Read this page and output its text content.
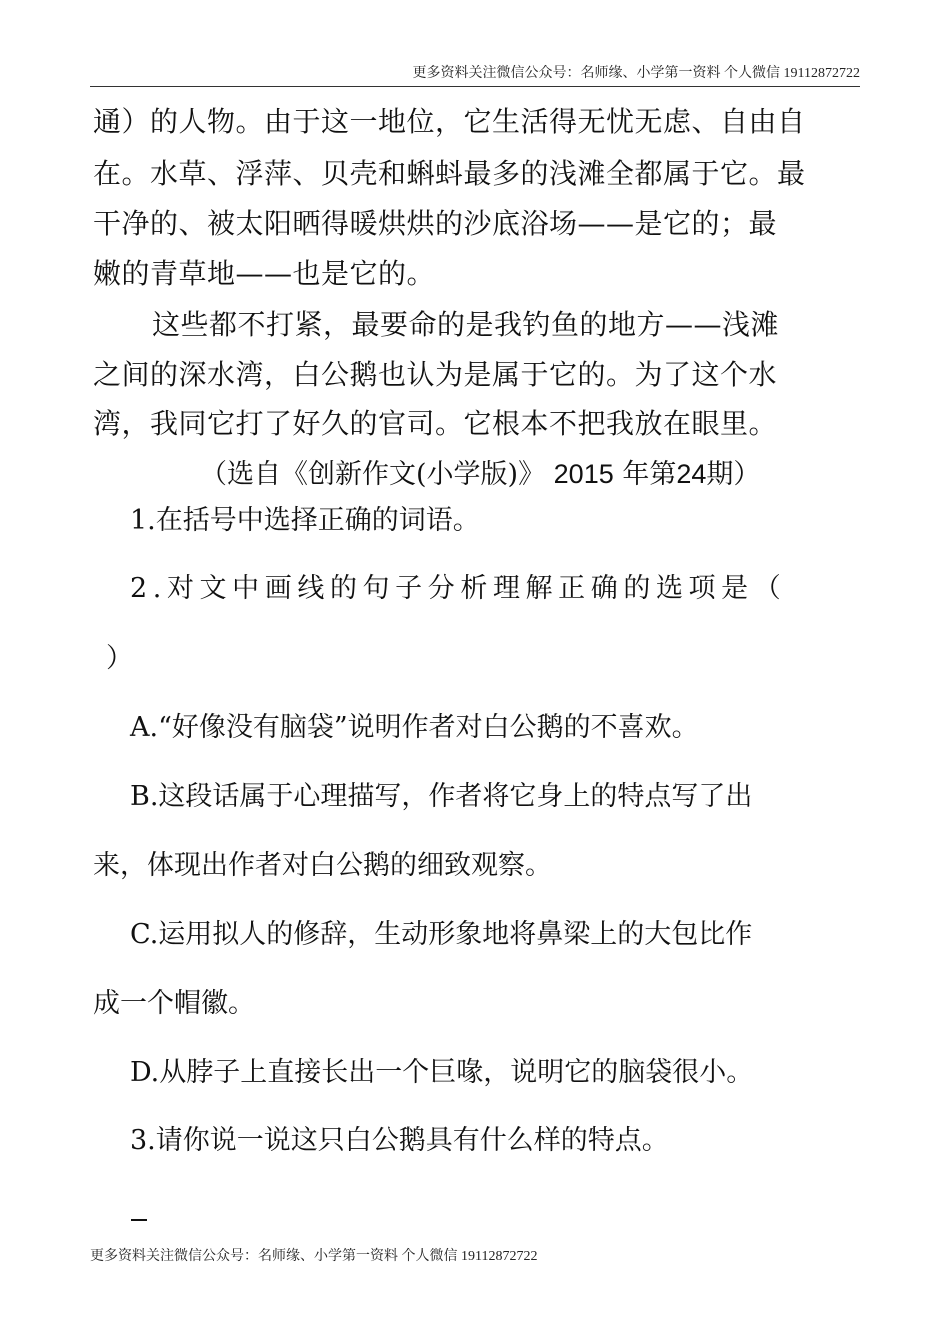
更多资料关注微信公众号：名师缘、小学第一资料 个人微信 19112872722
通）的人物。由于这一地位，它生活得无忧无虑、自由自
在。水草、浮萍、贝壳和蝌蚪最多的浅滩全都属于它。最
干净的、被太阳晒得暖烘烘的沙底浴场——是它的；最
嫩的青草地——也是它的。
这些都不打紧，最要命的是我钓鱼的地方——浅滩
之间的深水湾，白公鹅也认为是属于它的。为了这个水
湾，我同它打了好久的官司。它根本不把我放在眼里。
（选自《创新作文(小学版)》 2015 年第24期）
1.在括号中选择正确的词语。
2.对文中画线的句子分析理解正确的选项是（
）
A.“好像没有脑袋”说明作者对白公鹅的不喜欢。
B.这段话属于心理描写，作者将它身上的特点写了出
来，体现出作者对白公鹅的细致观察。
C.运用拟人的修辞，生动形象地将鼻梁上的大包比作
成一个帽徽。
D.从脖子上直接长出一个巨喙，说明它的脑袋很小。
3.请你说一说这只白公鹅具有什么样的特点。
更多资料关注微信公众号：名师缘、小学第一资料 个人微信 19112872722
